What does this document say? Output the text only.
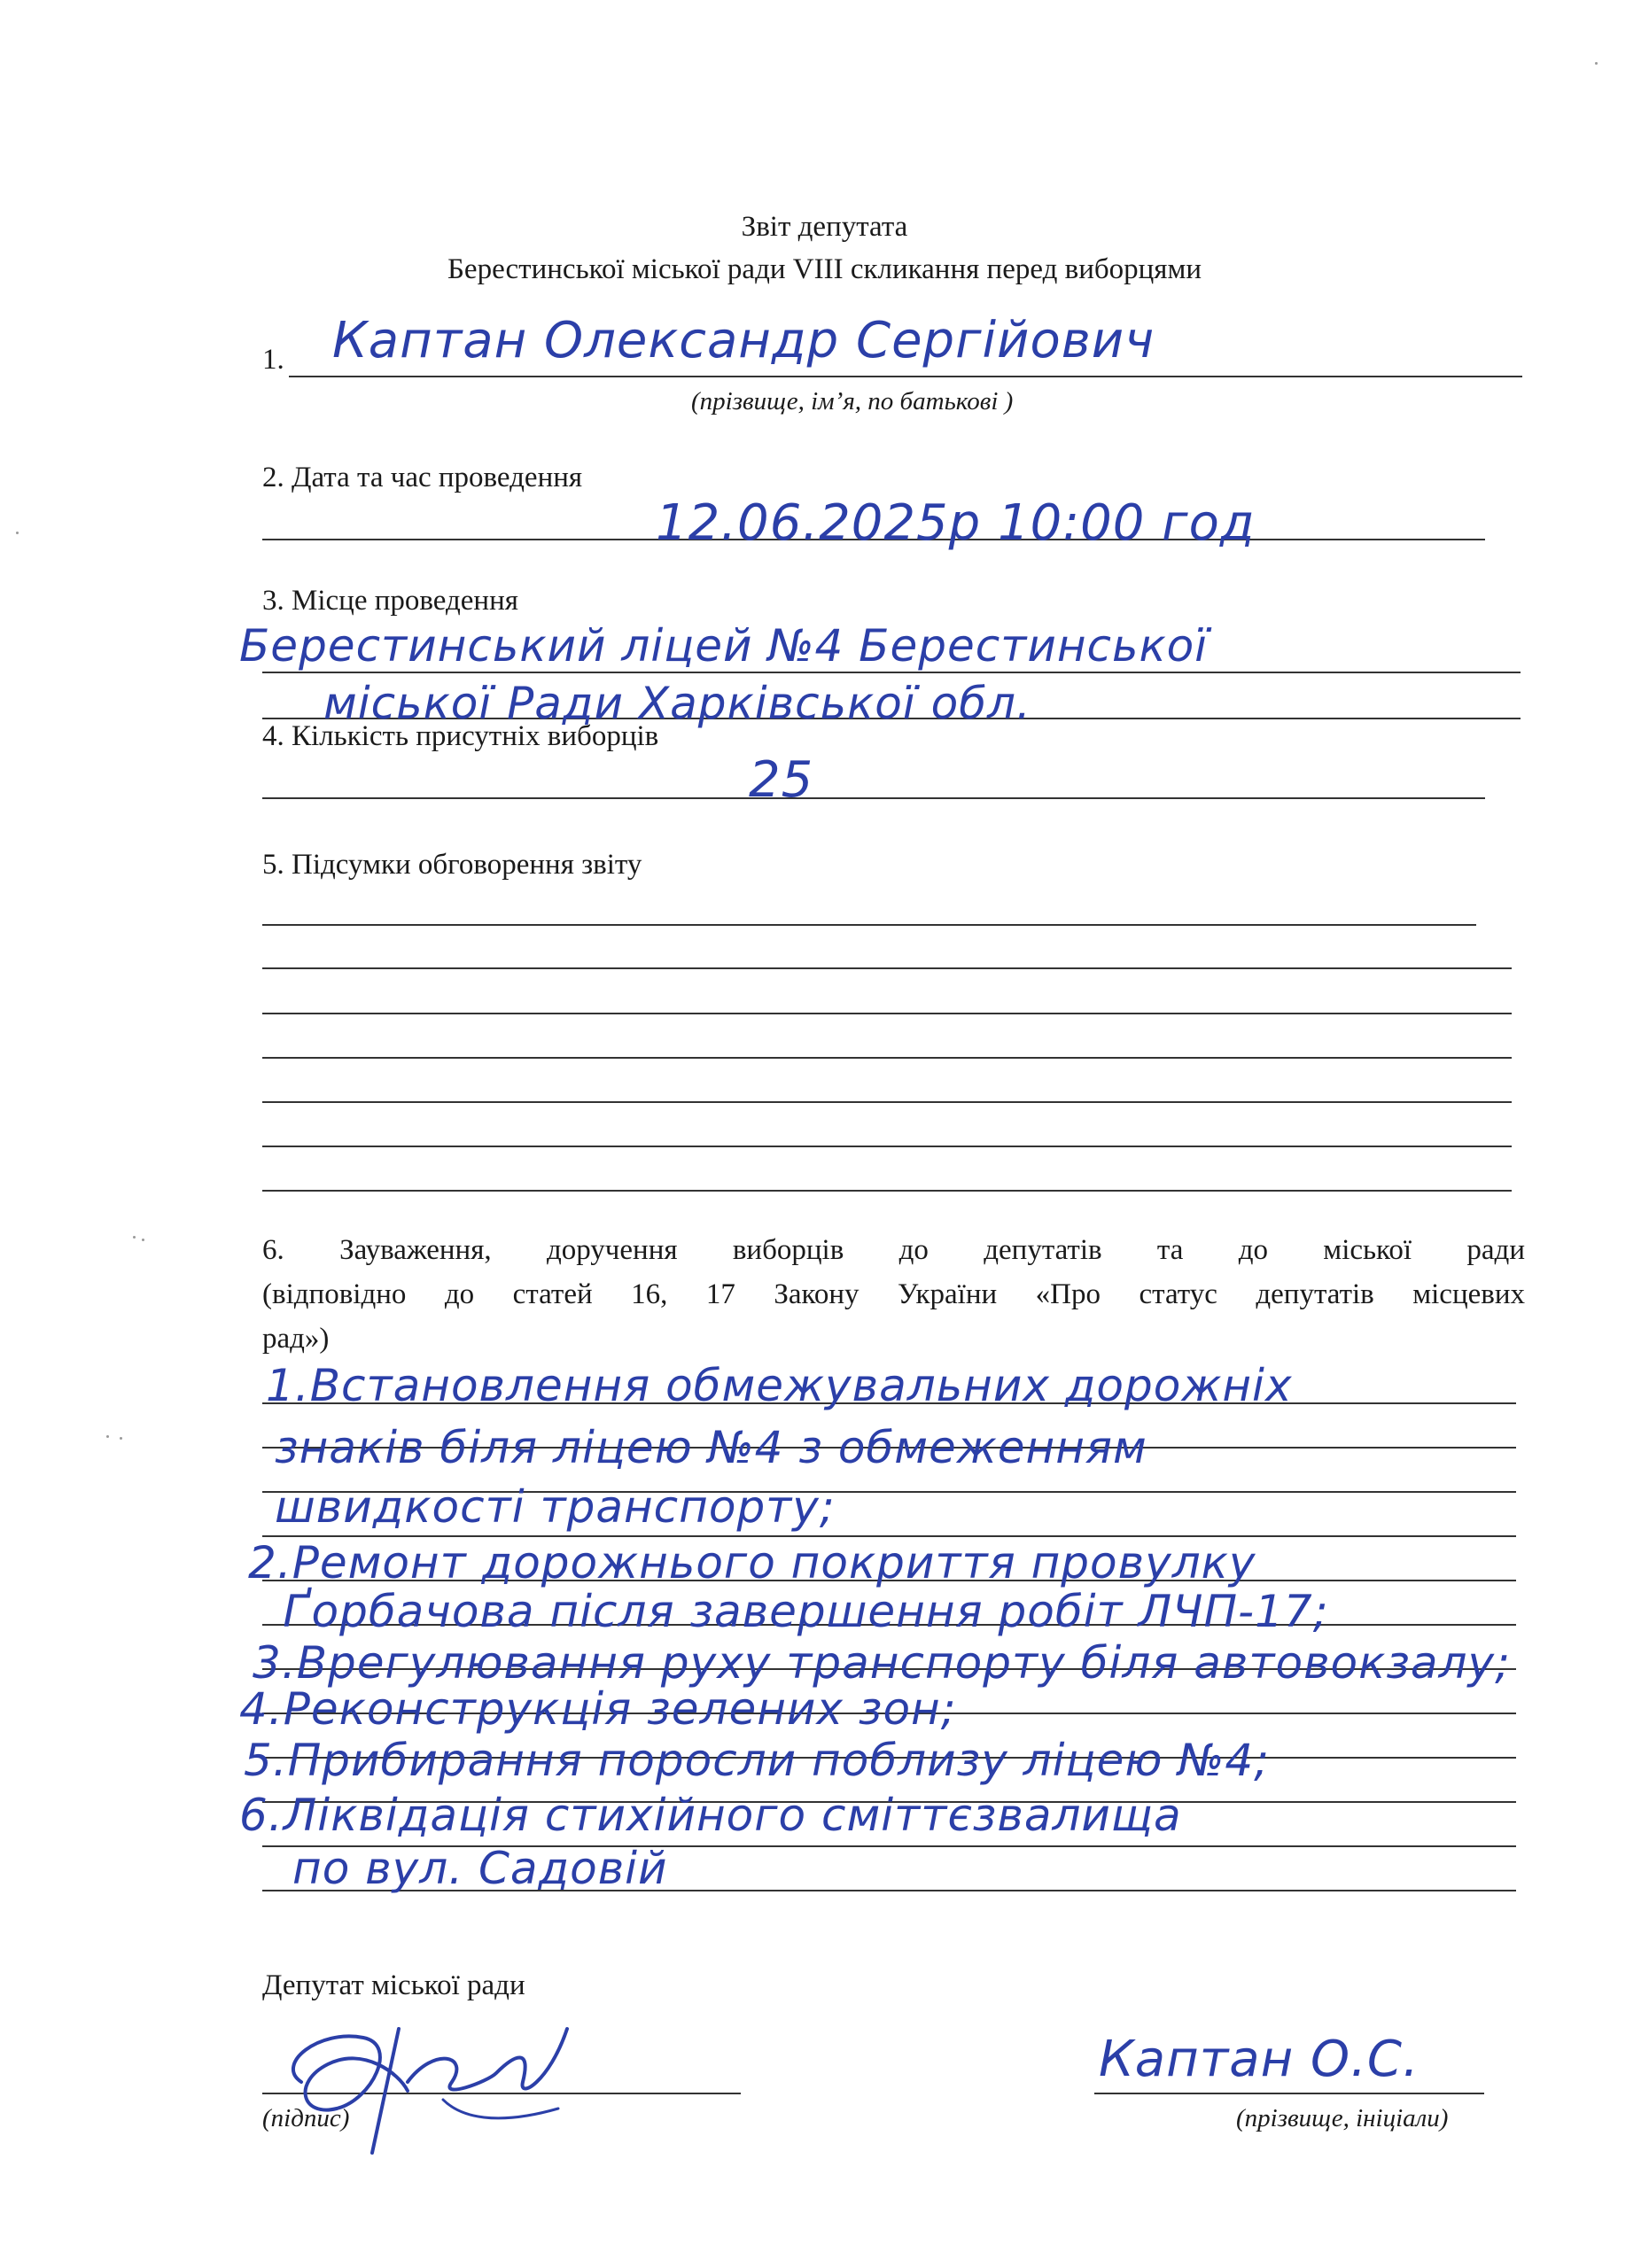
Звіт депутата
Берестинської міської ради VIII скликання перед виборцями
1. Каптан Олександр Сергійович
(прізвище, ім’я, по батькові )
2. Дата та час проведення
12.06.2025р 10:00 год
3. Місце проведення
Берестинський ліцей №4 Берестинської
міської Ради Харківської обл.
4. Кількість присутніх виборців
25
5. Підсумки обговорення звіту
6. Зауваження, доручення виборців до депутатів та до міської ради
(відповідно до статей 16, 17 Закону України «Про статус депутатів місцевих
рад»)
1.Встановлення обмежувальних дорожніх
знаків біля ліцею №4 з обмеженням
швидкості транспорту;
2.Ремонт дорожнього покриття провулку
Ґорбачова після завершення робіт ЛЧП-17;
3.Врегулювання руху транспорту біля автовокзалу;
4.Реконструкція зелених зон;
5.Прибирання поросли поблизу ліцею №4;
6.Ліквідація стихійного сміттєзвалища
по вул. Садовій
Депутат міської ради
(підпис)
Каптан О.С.
(прізвище, ініціали)
